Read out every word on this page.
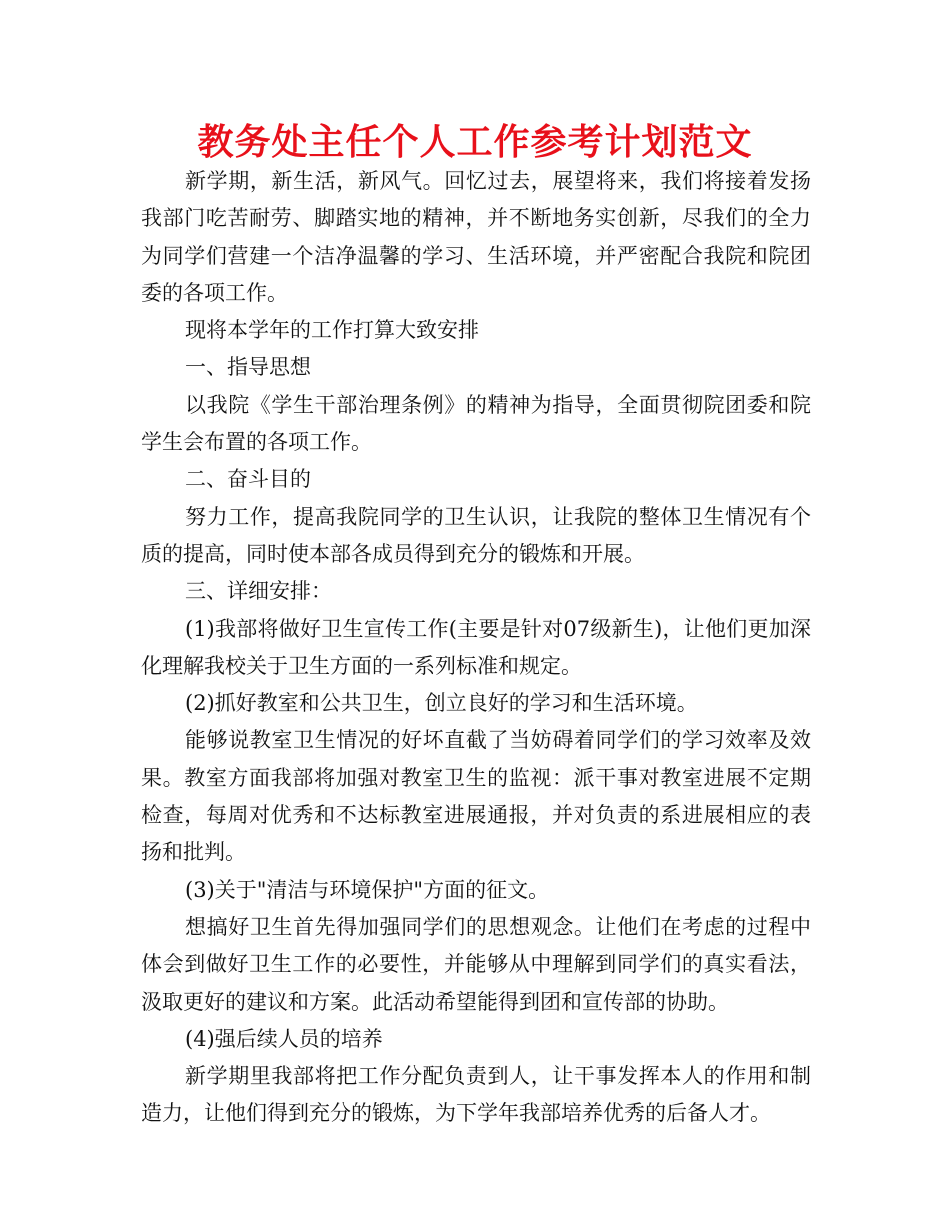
教务处主任个人工作参考计划范文

新学期，新生活，新风气。回忆过去，展望将来，我们将接着发扬我部门吃苦耐劳、脚踏实地的精神，并不断地务实创新，尽我们的全力为同学们营建一个洁净温馨的学习、生活环境，并严密配合我院和院团委的各项工作。

现将本学年的工作打算大致安排

一、指导思想

以我院《学生干部治理条例》的精神为指导，全面贯彻院团委和院学生会布置的各项工作。

二、奋斗目的

努力工作，提高我院同学的卫生认识，让我院的整体卫生情况有个质的提高，同时使本部各成员得到充分的锻炼和开展。

三、详细安排：

(1)我部将做好卫生宣传工作(主要是针对07级新生)，让他们更加深化理解我校关于卫生方面的一系列标准和规定。

(2)抓好教室和公共卫生，创立良好的学习和生活环境。

能够说教室卫生情况的好坏直截了当妨碍着同学们的学习效率及效果。教室方面我部将加强对教室卫生的监视：派干事对教室进展不定期检查，每周对优秀和不达标教室进展通报，并对负责的系进展相应的表扬和批判。

(3)关于"清洁与环境保护"方面的征文。

想搞好卫生首先得加强同学们的思想观念。让他们在考虑的过程中体会到做好卫生工作的必要性，并能够从中理解到同学们的真实看法，汲取更好的建议和方案。此活动希望能得到团和宣传部的协助。

(4)强后续人员的培养

新学期里我部将把工作分配负责到人，让干事发挥本人的作用和制造力，让他们得到充分的锻炼，为下学年我部培养优秀的后备人才。
